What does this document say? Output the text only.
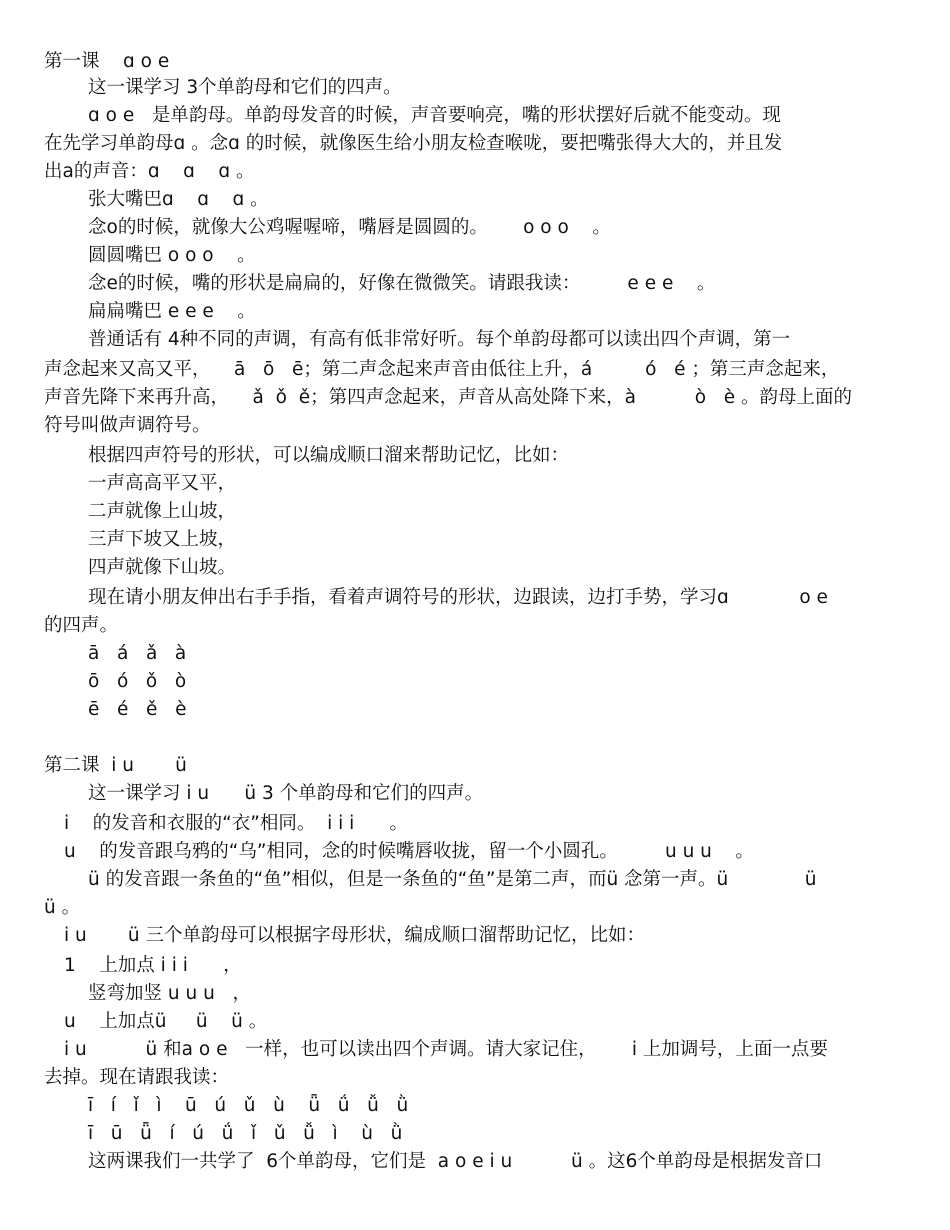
第一课    ɑ o e
这一课学习 3个单韵母和它们的四声。
ɑ o e   是单韵母。单韵母发音的时候，声音要响亮，嘴的形状摆好后就不能变动。现
在先学习单韵母ɑ 。念ɑ 的时候，就像医生给小朋友检查喉咙，要把嘴张得大大的，并且发
出a的声音：ɑ    ɑ    ɑ 。
张大嘴巴ɑ    ɑ    ɑ 。
念o的时候，就像大公鸡喔喔啼，嘴唇是圆圆的。      o o o    。
圆圆嘴巴 o o o    。
念e的时候，嘴的形状是扁扁的，好像在微微笑。请跟我读：        e e e    。
扁扁嘴巴 e e e    。
普通话有 4种不同的声调，有高有低非常好听。每个单韵母都可以读出四个声调，第一
声念起来又高又平，    ā   ō   ē；第二声念起来声音由低往上升，á         ó   é ；第三声念起来，
声音先降下来再升高，    ǎ  ǒ  ě；第四声念起来，声音从高处降下来，à          ò   è 。韵母上面的
符号叫做声调符号。
根据四声符号的形状，可以编成顺口溜来帮助记忆，比如：
一声高高平又平，
二声就像上山坡，
三声下坡又上坡，
四声就像下山坡。
现在请小朋友伸出右手手指，看着声调符号的形状，边跟读，边打手势，学习ɑ            o e
的四声。
ā   á   ǎ   à
ō   ó   ǒ   ò
ē   é   ě   è
第二课  i u       ü
这一课学习 i u      ü 3 个单韵母和它们的四声。
i    的发音和衣服的“衣”相同。  i i i      。
u    的发音跟乌鸦的“乌”相同，念的时候嘴唇收拢，留一个小圆孔。        u u u    。
ü 的发音跟一条鱼的“鱼”相似，但是一条鱼的“鱼”是第二声，而ü 念第一声。ü             ü
ü 。
i u       ü 三个单韵母可以根据字母形状，编成顺口溜帮助记忆，比如：
1    上加点 i i i      ，
竖弯加竖 u u u   ，
u    上加点ü     ü    ü 。
i u          ü 和a o e   一样，也可以读出四个声调。请大家记住，      i 上加调号，上面一点要
去掉。现在请跟我读：
ī   í   ǐ   ì    ū   ú   ǔ   ù    ǖ   ǘ   ǚ   ǜ
ī   ū   ǖ   í   ú   ǘ   ǐ   ǔ   ǚ   ì    ù   ǜ
这两课我们一共学了  6个单韵母，它们是  a o e i u          ü 。这6个单韵母是根据发音口
